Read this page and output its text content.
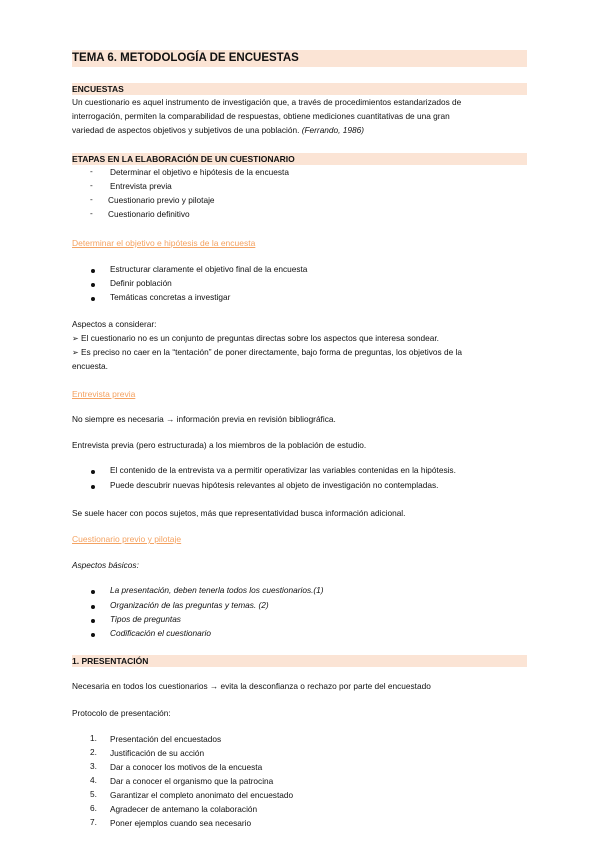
TEMA 6. METODOLOGÍA DE ENCUESTAS
ENCUESTAS
Un cuestionario es aquel instrumento de investigación que, a través de procedimientos estandarizados de
interrogación, permiten la comparabilidad de respuestas, obtiene mediciones cuantitativas de una gran
variedad de aspectos objetivos y subjetivos de una población. (Ferrando, 1986)
ETAPAS EN LA ELABORACIÓN DE UN CUESTIONARIO
- Determinar el objetivo e hipótesis de la encuesta
- Entrevista previa
- Cuestionario previo y pilotaje
- Cuestionario definitivo
Determinar el objetivo e hipótesis de la encuesta
Estructurar claramente el objetivo final de la encuesta
Definir población
Temáticas concretas a investigar
Aspectos a considerar:
➢ El cuestionario no es un conjunto de preguntas directas sobre los aspectos que interesa sondear.
➢ Es preciso no caer en la “tentación” de poner directamente, bajo forma de preguntas, los objetivos de la
encuesta.
Entrevista previa
No siempre es necesaria → información previa en revisión bibliográfica.
Entrevista previa (pero estructurada) a los miembros de la población de estudio.
El contenido de la entrevista va a permitir operativizar las variables contenidas en la hipótesis.
Puede descubrir nuevas hipótesis relevantes al objeto de investigación no contempladas.
Se suele hacer con pocos sujetos, más que representatividad busca información adicional.
Cuestionario previo y pilotaje
Aspectos básicos:
La presentación, deben tenerla todos los cuestionarios.(1)
Organización de las preguntas y temas. (2)
Tipos de preguntas
Codificación el cuestionario
1. PRESENTACIÓN
Necesaria en todos los cuestionarios → evita la desconfianza o rechazo por parte del encuestado
Protocolo de presentación:
1. Presentación del encuestados
2. Justificación de su acción
3. Dar a conocer los motivos de la encuesta
4. Dar a conocer el organismo que la patrocina
5. Garantizar el completo anonimato del encuestado
6. Agradecer de antemano la colaboración
7. Poner ejemplos cuando sea necesario
